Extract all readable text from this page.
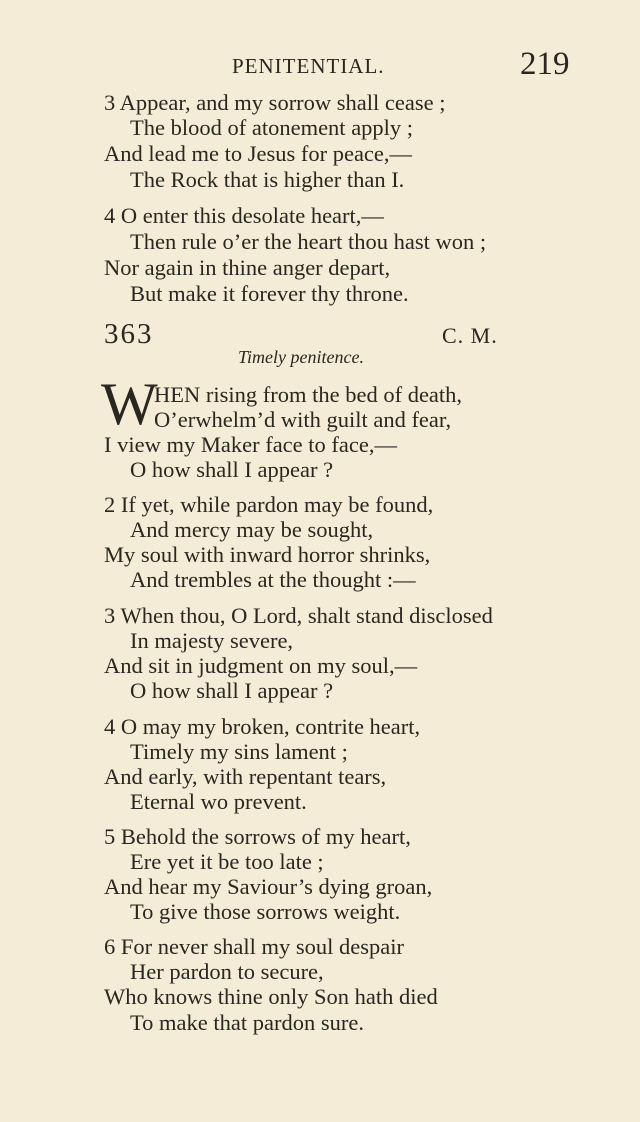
PENITENTIAL.	219
3 Appear, and my sorrow shall cease ;
The blood of atonement apply ;
And lead me to Jesus for peace,—
The Rock that is higher than I.
4 O enter this desolate heart,—
Then rule o’er the heart thou hast won ;
Nor again in thine anger depart,
But make it forever thy throne.
363	C. M.
Timely penitence.
W
HEN rising from the bed of death,
O’erwhelm’d with guilt and fear,
I view my Maker face to face,—
O how shall I appear ?
2 If yet, while pardon may be found,
And mercy may be sought,
My soul with inward horror shrinks,
And trembles at the thought :—
3 When thou, O Lord, shalt stand disclosed
In majesty severe,
And sit in judgment on my soul,—
O how shall I appear ?
4 O may my broken, contrite heart,
Timely my sins lament ;
And early, with repentant tears,
Eternal wo prevent.
5 Behold the sorrows of my heart,
Ere yet it be too late ;
And hear my Saviour’s dying groan,
To give those sorrows weight.
6 For never shall my soul despair
Her pardon to secure,
Who knows thine only Son hath died
To make that pardon sure.
